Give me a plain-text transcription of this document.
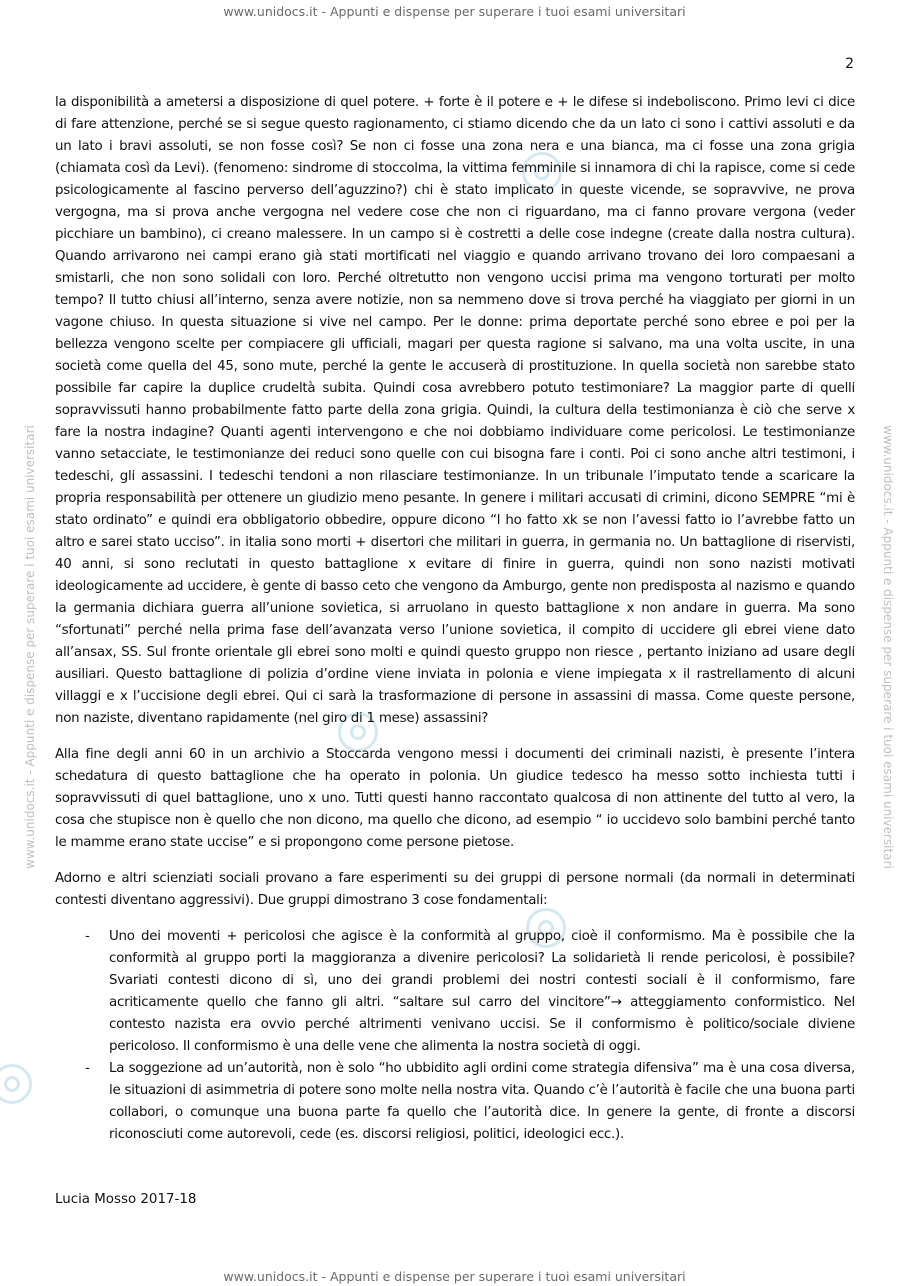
www.unidocs.it - Appunti e dispense per superare i tuoi esami universitari
www.unidocs.it - Appunti e dispense per superare i tuoi esami universitari	www.unidocs.it - Appunti e dispense per superare i tuoi esami universitari
2

la disponibilità a ametersi a disposizione di quel potere. + forte è il potere e + le difese si indeboliscono. Primo levi ci dice di fare attenzione, perché se si segue questo ragionamento, ci stiamo dicendo che da un lato ci sono i cattivi assoluti e da un lato i bravi assoluti, se non fosse così? Se non ci fosse una zona nera e una bianca, ma ci fosse una zona grigia (chiamata così da Levi). (fenomeno: sindrome di stoccolma, la vittima femminile si innamora di chi la rapisce, come si cede psicologicamente al fascino perverso dell’aguzzino?) chi è stato implicato in queste vicende, se sopravvive, ne prova vergogna, ma si prova anche vergogna nel vedere cose che non ci riguardano, ma ci fanno provare vergona (veder picchiare un bambino), ci creano malessere. In un campo si è costretti a delle cose indegne (create dalla nostra cultura). Quando arrivarono nei campi erano già stati mortificati nel viaggio e quando arrivano trovano dei loro compaesani a smistarli, che non sono solidali con loro. Perché oltretutto non vengono uccisi prima ma vengono torturati per molto tempo? Il tutto chiusi all’interno, senza avere notizie, non sa nemmeno dove si trova perché ha viaggiato per giorni in un vagone chiuso. In questa situazione si vive nel campo. Per le donne: prima deportate perché sono ebree e poi per la bellezza vengono scelte per compiacere gli ufficiali, magari per questa ragione si salvano, ma una volta uscite, in una società come quella del 45, sono mute, perché la gente le accuserà di prostituzione. In quella società non sarebbe stato possibile far capire la duplice crudeltà subita. Quindi cosa avrebbero potuto testimoniare? La maggior parte di quelli sopravvissuti hanno probabilmente fatto parte della zona grigia. Quindi, la cultura della testimonianza è ciò che serve x fare la nostra indagine? Quanti agenti intervengono e che noi dobbiamo individuare come pericolosi. Le testimonianze vanno setacciate, le testimonianze dei reduci sono quelle con cui bisogna fare i conti. Poi ci sono anche altri testimoni, i tedeschi, gli assassini. I tedeschi tendoni a non rilasciare testimonianze. In un tribunale l’imputato tende a scaricare la propria responsabilità per ottenere un giudizio meno pesante. In genere i militari accusati di crimini, dicono SEMPRE “mi è stato ordinato” e quindi era obbligatorio obbedire, oppure dicono “l ho fatto xk se non l’avessi fatto io l’avrebbe fatto un altro e sarei stato ucciso”. in italia sono morti + disertori che militari in guerra, in germania no. Un battaglione di riservisti, 40 anni, si sono reclutati in questo battaglione x evitare di finire in guerra, quindi non sono nazisti motivati ideologicamente ad uccidere, è gente di basso ceto che vengono da Amburgo, gente non predisposta al nazismo e quando la germania dichiara guerra all’unione sovietica, si arruolano in questo battaglione x non andare in guerra. Ma sono “sfortunati” perché nella prima fase dell’avanzata verso l’unione sovietica, il compito di uccidere gli ebrei viene dato all’ansax, SS. Sul fronte orientale gli ebrei sono molti e quindi questo gruppo non riesce , pertanto iniziano ad usare degli ausiliari. Questo battaglione di polizia d’ordine viene inviata in polonia e viene impiegata x il rastrellamento di alcuni villaggi e x l’uccisione degli ebrei. Qui ci sarà la trasformazione di persone in assassini di massa. Come queste persone, non naziste, diventano rapidamente (nel giro di 1 mese) assassini?

Alla fine degli anni 60 in un archivio a Stoccarda vengono messi i documenti dei criminali nazisti, è presente l’intera schedatura di questo battaglione che ha operato in polonia. Un giudice tedesco ha messo sotto inchiesta tutti i sopravvissuti di quel battaglione, uno x uno. Tutti questi hanno raccontato qualcosa di non attinente del tutto al vero, la cosa che stupisce non è quello che non dicono, ma quello che dicono, ad esempio “ io uccidevo solo bambini perché tanto le mamme erano state uccise” e si propongono come persone pietose.

Adorno e altri scienziati sociali provano a fare esperimenti su dei gruppi di persone normali (da normali in determinati contesti diventano aggressivi). Due gruppi dimostrano 3 cose fondamentali:

- Uno dei moventi + pericolosi che agisce è la conformità al gruppo, cioè il conformismo. Ma è possibile che la conformità al gruppo porti la maggioranza a divenire pericolosi? La solidarietà li rende pericolosi, è possibile? Svariati contesti dicono di sì, uno dei grandi problemi dei nostri contesti sociali è il conformismo, fare acriticamente quello che fanno gli altri. “saltare sul carro del vincitore”→ atteggiamento conformistico. Nel contesto nazista era ovvio perché altrimenti venivano uccisi. Se il conformismo è politico/sociale diviene pericoloso. Il conformismo è una delle vene che alimenta la nostra società di oggi.
- La soggezione ad un’autorità, non è solo “ho ubbidito agli ordini come strategia difensiva” ma è una cosa diversa, le situazioni di asimmetria di potere sono molte nella nostra vita. Quando c’è l’autorità è facile che una buona parti collabori, o comunque una buona parte fa quello che l’autorità dice. In genere la gente, di fronte a discorsi riconosciuti come autorevoli, cede (es. discorsi religiosi, politici, ideologici ecc.).
Lucia Mosso 2017-18
www.unidocs.it - Appunti e dispense per superare i tuoi esami universitari
